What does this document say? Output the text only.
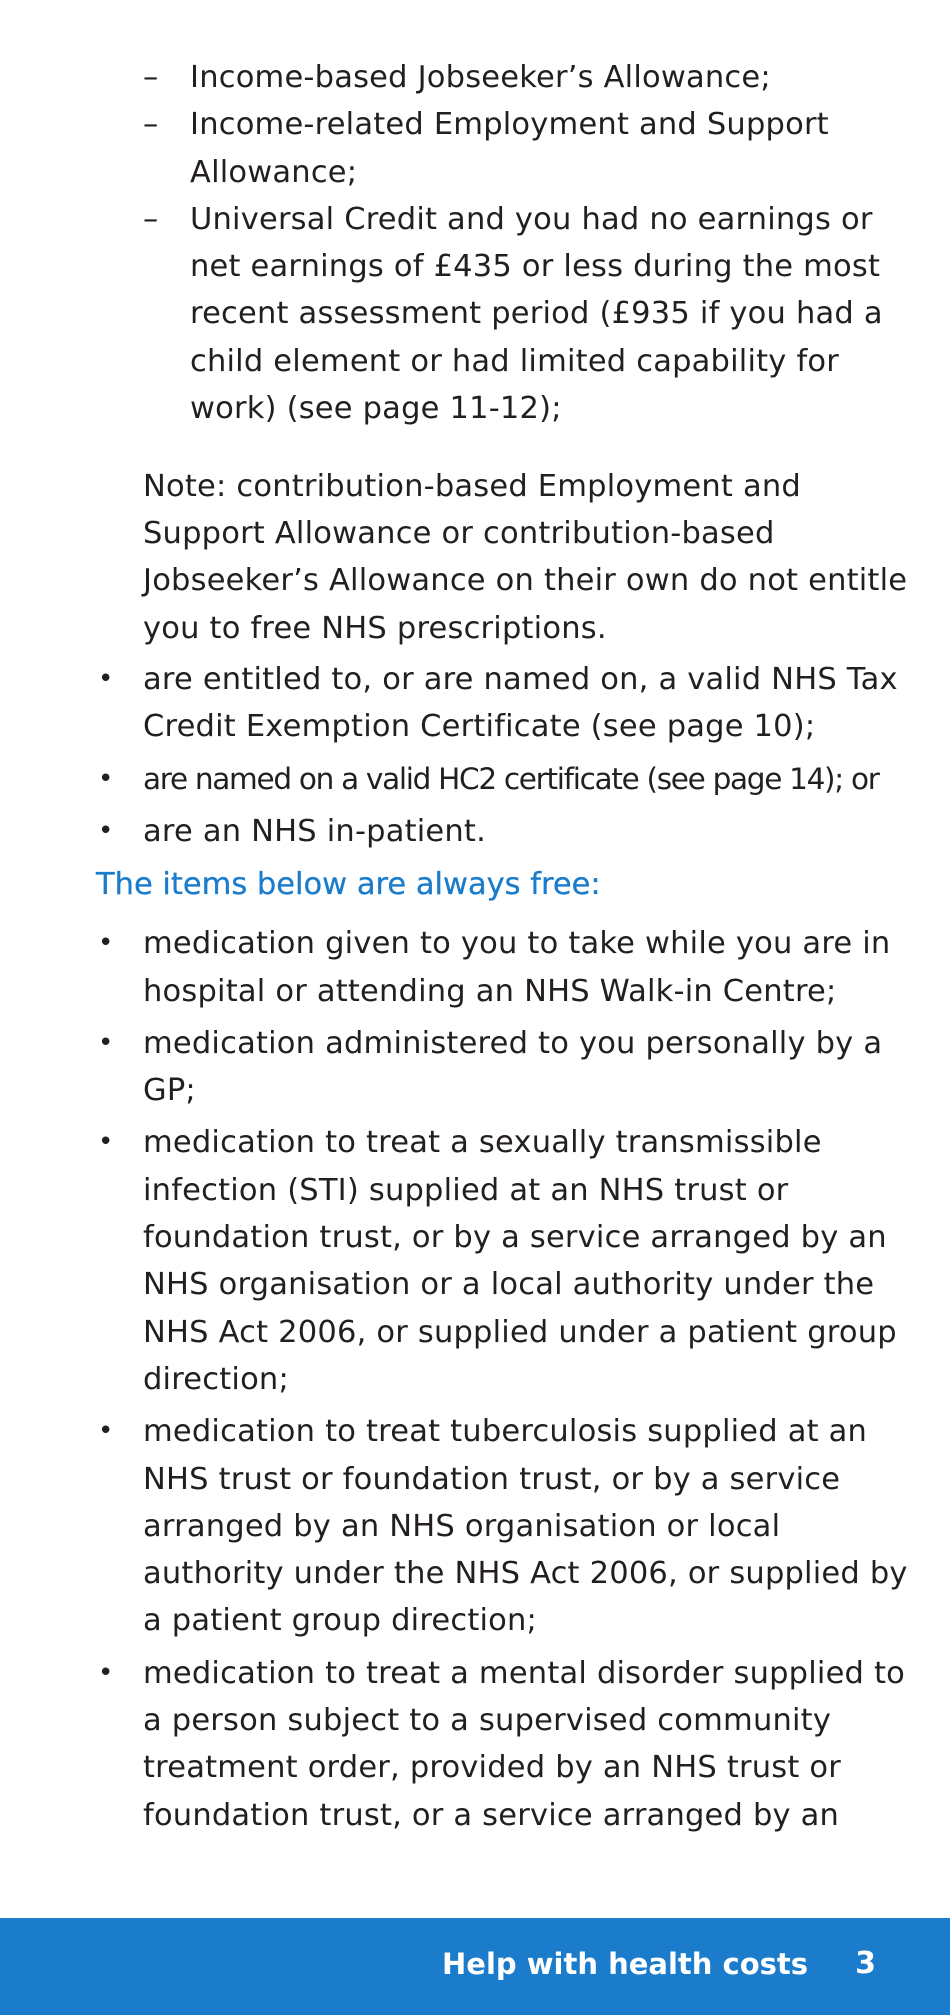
– Income-based Jobseeker’s Allowance;
– Income-related Employment and Support Allowance;
– Universal Credit and you had no earnings or net earnings of £435 or less during the most recent assessment period (£935 if you had a child element or had limited capability for work) (see page 11-12);

Note: contribution-based Employment and Support Allowance or contribution-based Jobseeker’s Allowance on their own do not entitle you to free NHS prescriptions.

• are entitled to, or are named on, a valid NHS Tax Credit Exemption Certificate (see page 10);
• are named on a valid HC2 certificate (see page 14); or
• are an NHS in-patient.
The items below are always free:
• medication given to you to take while you are in hospital or attending an NHS Walk-in Centre;
• medication administered to you personally by a GP;
• medication to treat a sexually transmissible infection (STI) supplied at an NHS trust or foundation trust, or by a service arranged by an NHS organisation or a local authority under the NHS Act 2006, or supplied under a patient group direction;
• medication to treat tuberculosis supplied at an NHS trust or foundation trust, or by a service arranged by an NHS organisation or local authority under the NHS Act 2006, or supplied by a patient group direction;
• medication to treat a mental disorder supplied to a person subject to a supervised community treatment order, provided by an NHS trust or foundation trust, or a service arranged by an
Help with health costs 3
